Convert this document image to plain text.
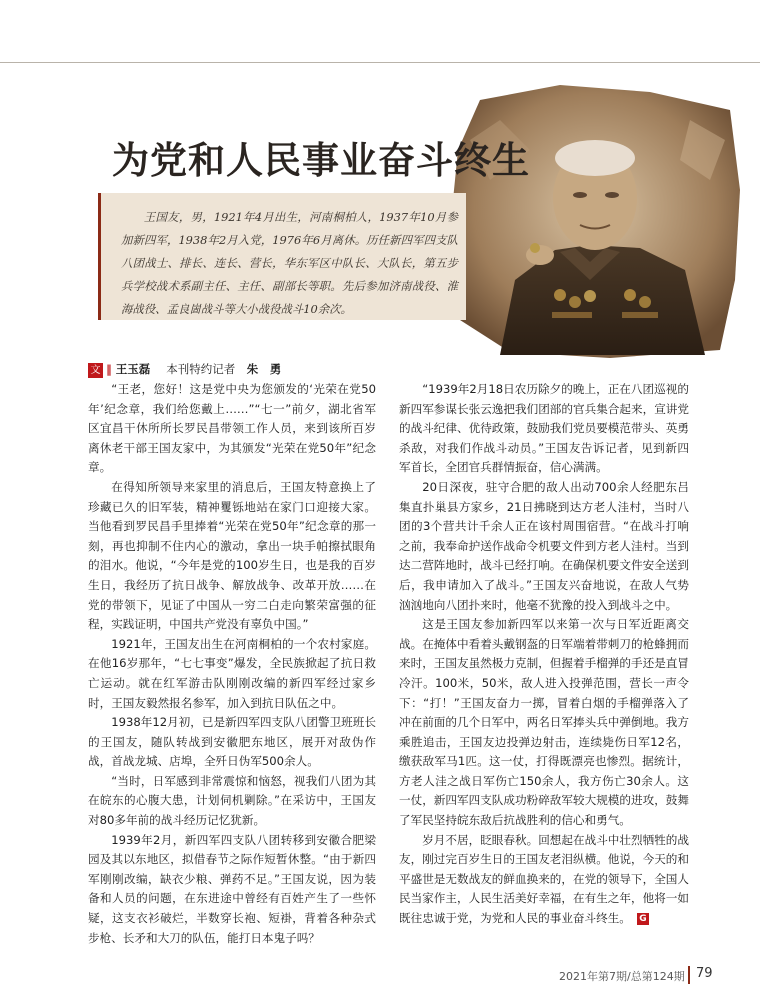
为党和人民事业奋斗终生

王国友，男，1921年4月出生，河南桐柏人，1937年10月参加新四军，1938年2月入党，1976年6月离休。历任新四军四支队八团战士、排长、连长、营长，华东军区中队长、大队长，第五步兵学校战术系副主任、主任、副部长等职。先后参加济南战役、淮海战役、孟良崮战斗等大小战役战斗10余次。

文 ‖ 王玉磊 本刊特约记者　 朱　勇

“王老，您好！这是党中央为您颁发的‘光荣在党50年’纪念章，我们给您戴上……”“七一”前夕，湖北省军区宜昌干休所所长罗民昌带领工作人员，来到该所百岁离休老干部王国友家中，为其颁发“光荣在党50年”纪念章。

在得知所领导来家里的消息后，王国友特意换上了珍藏已久的旧军装，精神矍铄地站在家门口迎接大家。当他看到罗民昌手里捧着“光荣在党50年”纪念章的那一刻，再也抑制不住内心的激动，拿出一块手帕擦拭眼角的泪水。他说，“今年是党的100岁生日，也是我的百岁生日，我经历了抗日战争、解放战争、改革开放……在党的带领下，见证了中国从一穷二白走向繁荣富强的征程，实践证明，中国共产党没有辜负中国。”

1921年，王国友出生在河南桐柏的一个农村家庭。在他16岁那年，“七七事变”爆发，全民族掀起了抗日救亡运动。就在红军游击队刚刚改编的新四军经过家乡时，王国友毅然报名参军，加入到抗日队伍之中。

1938年12月初，已是新四军四支队八团警卫班班长的王国友，随队转战到安徽肥东地区，展开对敌伪作战，首战龙城、店埠，全歼日伪军500余人。

“当时，日军感到非常震惊和恼怒，视我们八团为其在皖东的心腹大患，计划伺机剿除。”在采访中，王国友对80多年前的战斗经历记忆犹新。

1939年2月，新四军四支队八团转移到安徽合肥梁园及其以东地区，拟借春节之际作短暂休整。“由于新四军刚刚改编，缺衣少粮、弹药不足。”王国友说，因为装备和人员的问题，在东进途中曾经有百姓产生了一些怀疑，这支衣衫破烂，半数穿长袍、短褂，背着各种杂式步枪、长矛和大刀的队伍，能打日本鬼子吗？

“1939年2月18日农历除夕的晚上，正在八团巡视的新四军参谋长张云逸把我们团部的官兵集合起来，宣讲党的战斗纪律、优待政策，鼓励我们党员要模范带头、英勇杀敌，对我们作战斗动员。”王国友告诉记者，见到新四军首长，全团官兵群情振奋，信心满满。

20日深夜，驻守合肥的敌人出动700余人经肥东吕集直扑巢县方家乡，21日拂晓到达方老人洼村，当时八团的3个营共计千余人正在该村周围宿营。“在战斗打响之前，我奉命护送作战命令机要文件到方老人洼村。当到达二营阵地时，战斗已经打响。在确保机要文件安全送到后，我申请加入了战斗。”王国友兴奋地说，在敌人气势汹汹地向八团扑来时，他毫不犹豫的投入到战斗之中。

这是王国友参加新四军以来第一次与日军近距离交战。在掩体中看着头戴钢盔的日军端着带刺刀的枪蜂拥而来时，王国友虽然极力克制，但握着手榴弹的手还是直冒冷汗。100米，50米，敌人进入投弹范围，营长一声令下：“打！”王国友奋力一掷，冒着白烟的手榴弹落入了冲在前面的几个日军中，两名日军捧头兵中弹倒地。我方乘胜追击，王国友边投弹边射击，连续毙伤日军12名，缴获敌军马1匹。这一仗，打得既漂亮也惨烈。据统计，方老人洼之战日军伤亡150余人，我方伤亡30余人。这一仗，新四军四支队成功粉碎敌军较大规模的进攻，鼓舞了军民坚持皖东敌后抗战胜利的信心和勇气。

岁月不居，眨眼春秋。回想起在战斗中壮烈牺牲的战友，刚过完百岁生日的王国友老泪纵横。他说，今天的和平盛世是无数战友的鲜血换来的，在党的领导下，全国人民当家作主，人民生活美好幸福，在有生之年，他将一如既往忠诚于党，为党和人民的事业奋斗终生。 G

2021年第7期/总第124期 79
